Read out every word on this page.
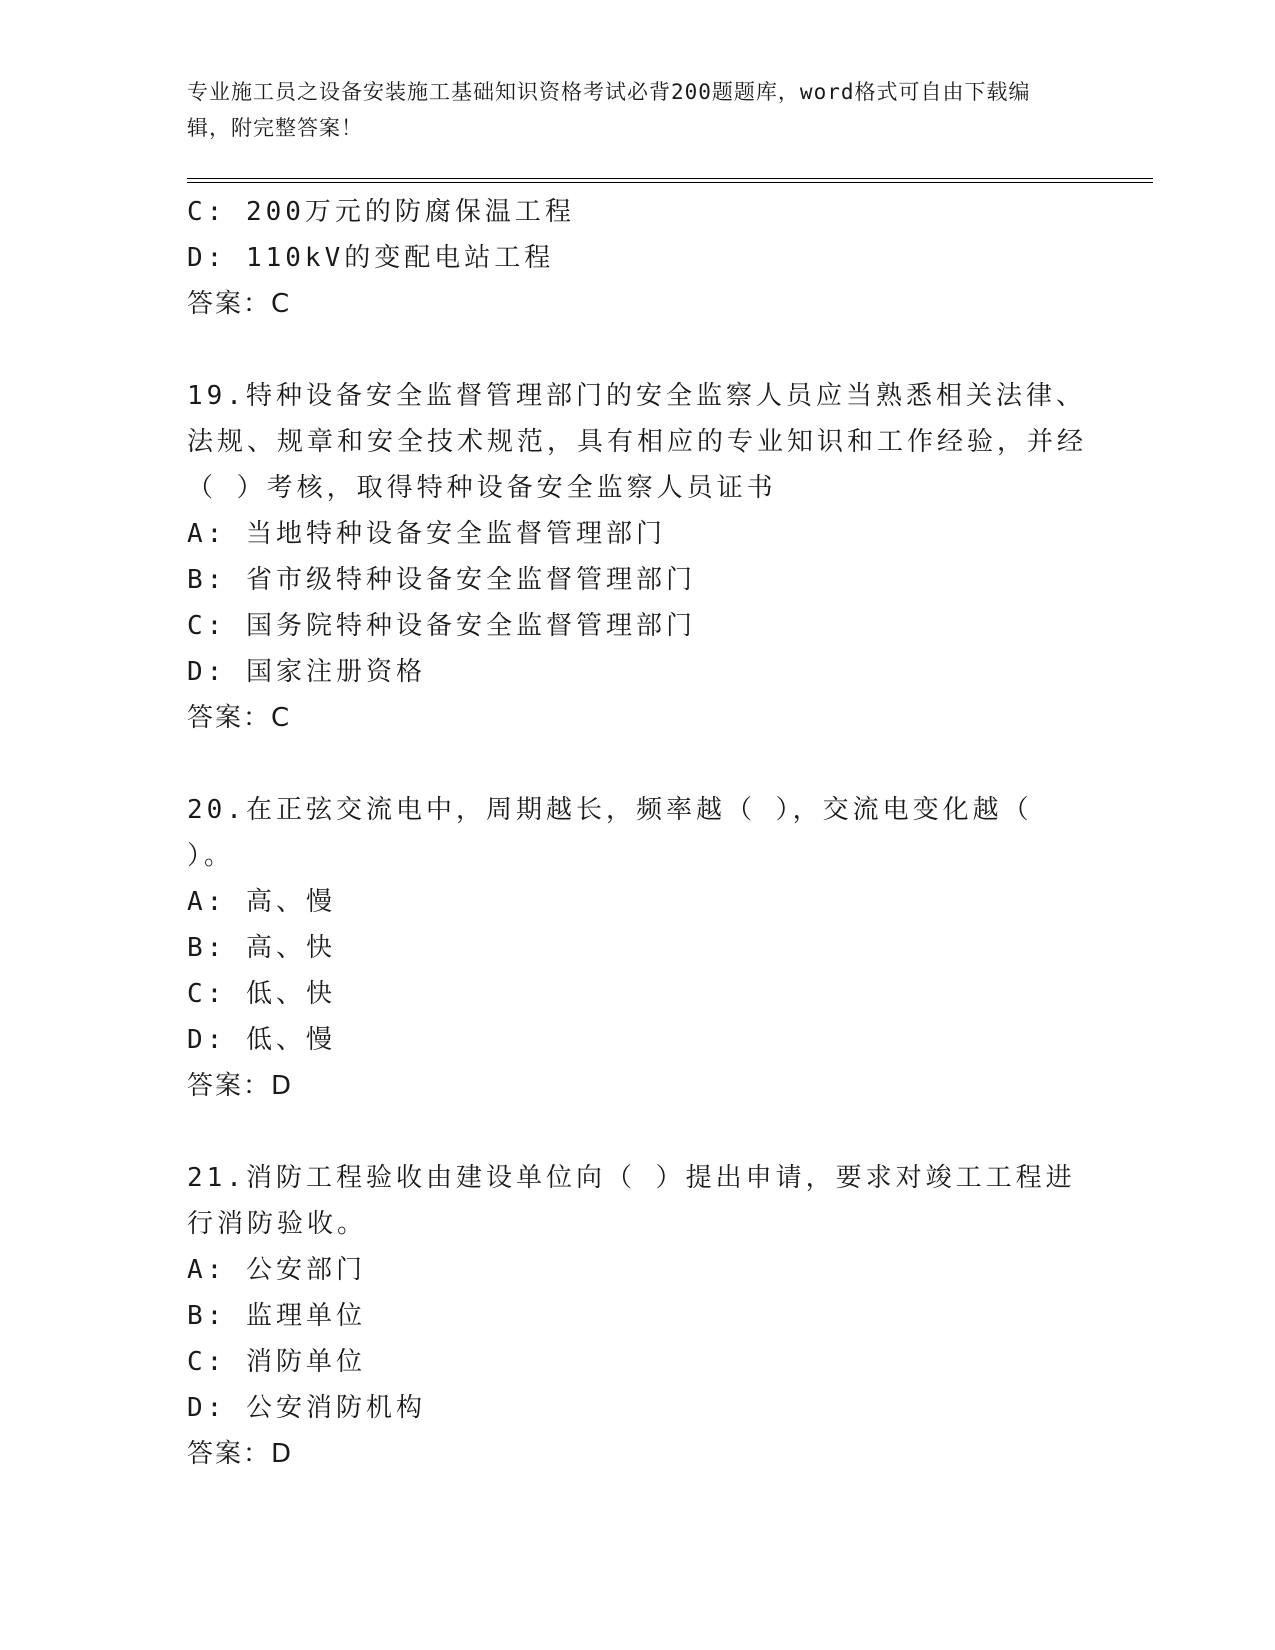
专业施工员之设备安装施工基础知识资格考试必背200题题库，word格式可自由下载编辑，附完整答案！
C: 200万元的防腐保温工程
D: 110kV的变配电站工程
答案：C
19.特种设备安全监督管理部门的安全监察人员应当熟悉相关法律、法规、规章和安全技术规范，具有相应的专业知识和工作经验，并经（ ）考核，取得特种设备安全监察人员证书
A: 当地特种设备安全监督管理部门
B: 省市级特种设备安全监督管理部门
C: 国务院特种设备安全监督管理部门
D: 国家注册资格
答案：C
20.在正弦交流电中，周期越长，频率越（ ），交流电变化越（ ）。
A: 高、慢
B: 高、快
C: 低、快
D: 低、慢
答案：D
21.消防工程验收由建设单位向（ ）提出申请，要求对竣工工程进行消防验收。
A: 公安部门
B: 监理单位
C: 消防单位
D: 公安消防机构
答案：D
